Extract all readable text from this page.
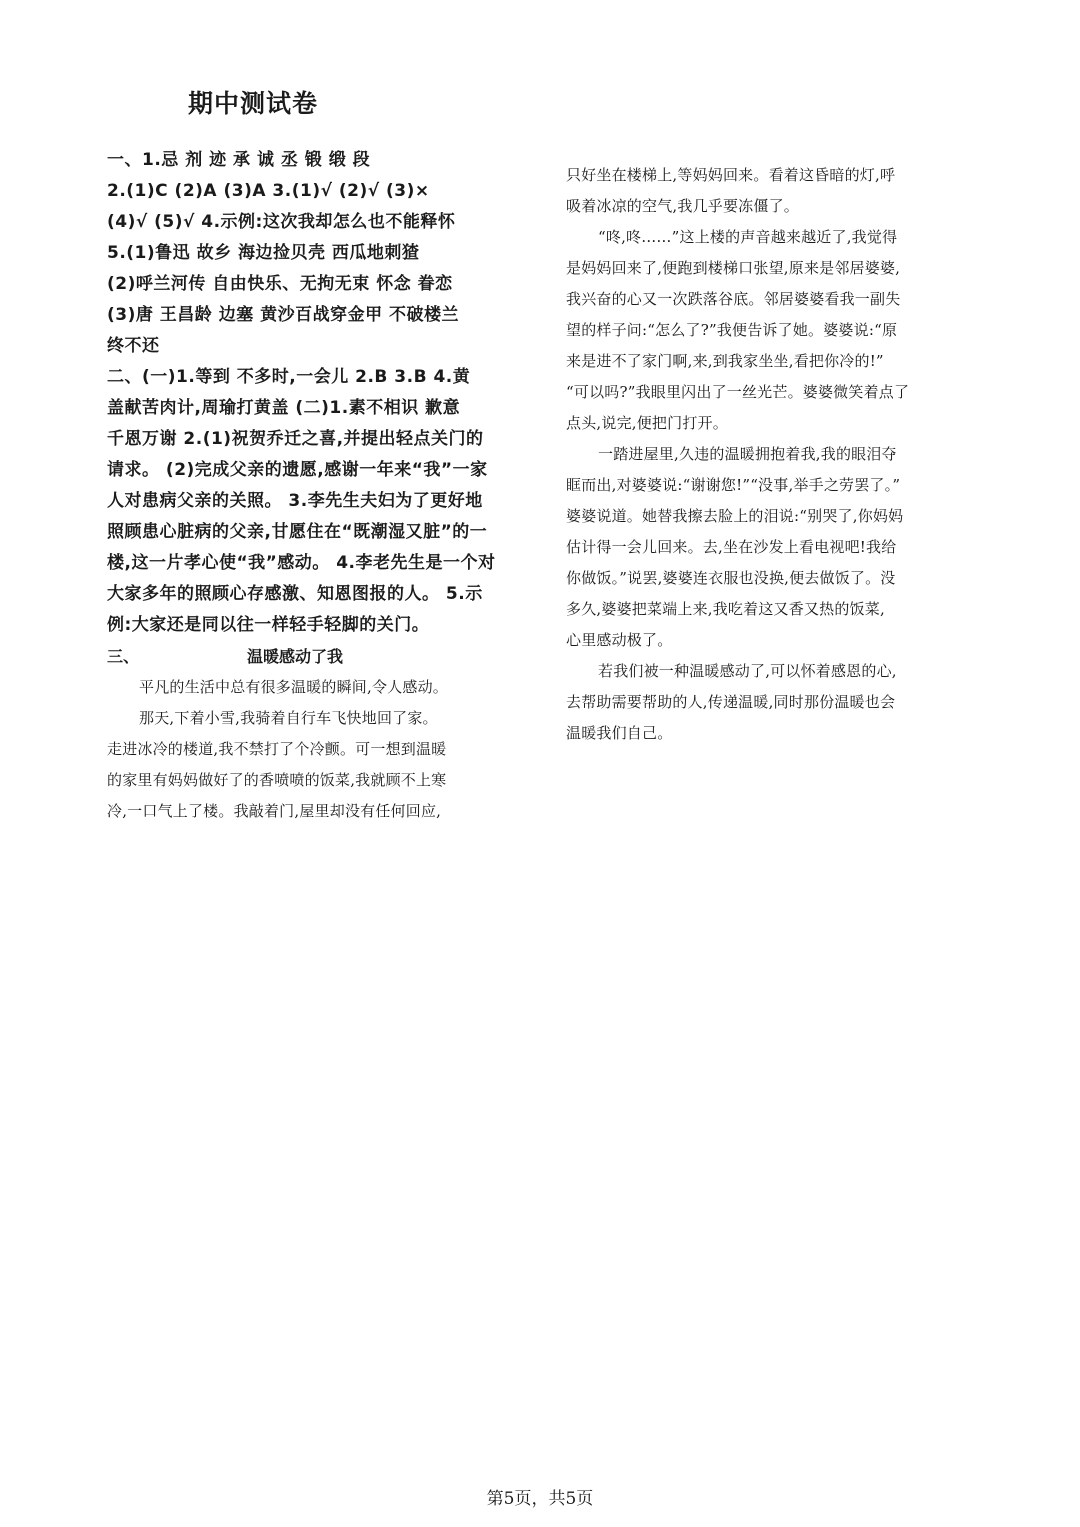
期中测试卷
一、1.忌 剂 迹 承 诚 丞 锻 缎 段
2.(1)C (2)A (3)A 3.(1)√ (2)√ (3)×
(4)√ (5)√ 4.示例:这次我却怎么也不能释怀
5.(1)鲁迅 故乡 海边捡贝壳 西瓜地刺猹
(2)呼兰河传 自由快乐、无拘无束 怀念 眷恋
(3)唐 王昌龄 边塞 黄沙百战穿金甲 不破楼兰
终不还
二、(一)1.等到 不多时,一会儿 2.B 3.B 4.黄
盖献苦肉计,周瑜打黄盖 (二)1.素不相识 歉意
千恩万谢 2.(1)祝贺乔迁之喜,并提出轻点关门的
请求。 (2)完成父亲的遗愿,感谢一年来“我”一家
人对患病父亲的关照。 3.李先生夫妇为了更好地
照顾患心脏病的父亲,甘愿住在“既潮湿又脏”的一
楼,这一片孝心使“我”感动。 4.李老先生是一个对
大家多年的照顾心存感激、知恩图报的人。 5.示
例:大家还是同以往一样轻手轻脚的关门。
三、	温暖感动了我
平凡的生活中总有很多温暖的瞬间,令人感动。
那天,下着小雪,我骑着自行车飞快地回了家。
走进冰冷的楼道,我不禁打了个冷颤。可一想到温暖
的家里有妈妈做好了的香喷喷的饭菜,我就顾不上寒
冷,一口气上了楼。我敲着门,屋里却没有任何回应,
只好坐在楼梯上,等妈妈回来。看着这昏暗的灯,呼
吸着冰凉的空气,我几乎要冻僵了。
“咚,咚……”这上楼的声音越来越近了,我觉得
是妈妈回来了,便跑到楼梯口张望,原来是邻居婆婆,
我兴奋的心又一次跌落谷底。邻居婆婆看我一副失
望的样子问:“怎么了?”我便告诉了她。婆婆说:“原
来是进不了家门啊,来,到我家坐坐,看把你冷的!”
“可以吗?”我眼里闪出了一丝光芒。婆婆微笑着点了
点头,说完,便把门打开。
一踏进屋里,久违的温暖拥抱着我,我的眼泪夺
眶而出,对婆婆说:“谢谢您!”“没事,举手之劳罢了。”
婆婆说道。她替我擦去脸上的泪说:“别哭了,你妈妈
估计得一会儿回来。去,坐在沙发上看电视吧!我给
你做饭。”说罢,婆婆连衣服也没换,便去做饭了。没
多久,婆婆把菜端上来,我吃着这又香又热的饭菜,
心里感动极了。
若我们被一种温暖感动了,可以怀着感恩的心,
去帮助需要帮助的人,传递温暖,同时那份温暖也会
温暖我们自己。
第5页，共5页
